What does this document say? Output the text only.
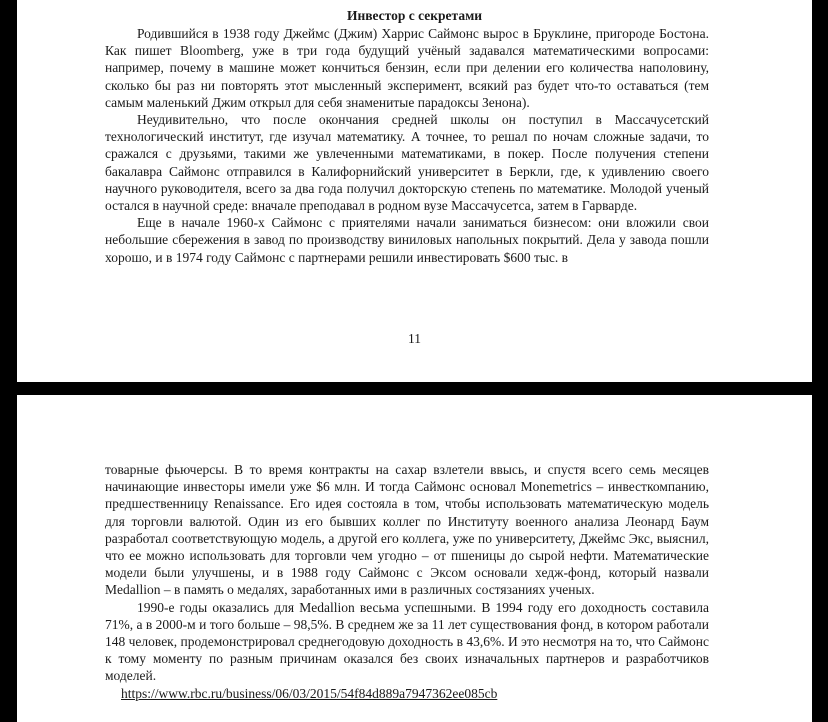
Инвестор с секретами

Родившийся в 1938 году Джеймс (Джим) Харрис Саймонс вырос в Бруклине, пригороде Бостона. Как пишет Bloomberg, уже в три года будущий учёный задавался математическими вопросами: например, почему в машине может кончиться бензин, если при делении его количества наполовину, сколько бы раз ни повторять этот мысленный эксперимент, всякий раз будет что-то оставаться (тем самым маленький Джим открыл для себя знаменитые парадоксы Зенона).

Неудивительно, что после окончания средней школы он поступил в Массачусетский технологический институт, где изучал математику. А точнее, то решал по ночам сложные задачи, то сражался с друзьями, такими же увлеченными математиками, в покер. После получения степени бакалавра Саймонс отправился в Калифорнийский университет в Беркли, где, к удивлению своего научного руководителя, всего за два года получил докторскую степень по математике. Молодой ученый остался в научной среде: вначале преподавал в родном вузе Массачусетса, затем в Гарварде.

Еще в начале 1960-х Саймонс с приятелями начали заниматься бизнесом: они вложили свои небольшие сбережения в завод по производству виниловых напольных покрытий. Дела у завода пошли хорошо, и в 1974 году Саймонс с партнерами решили инвестировать $600 тыс. в

11

товарные фьючерсы. В то время контракты на сахар взлетели ввысь, и спустя всего семь месяцев начинающие инвесторы имели уже $6 млн. И тогда Саймонс основал Monemetrics – инвесткомпанию, предшественницу Renaissance. Его идея состояла в том, чтобы использовать математическую модель для торговли валютой. Один из его бывших коллег по Институту военного анализа Леонард Баум разработал соответствующую модель, а другой его коллега, уже по университету, Джеймс Экс, выяснил, что ее можно использовать для торговли чем угодно – от пшеницы до сырой нефти. Математические модели были улучшены, и в 1988 году Саймонс с Эксом основали хедж-фонд, который назвали Medallion – в память о медалях, заработанных ими в различных состязаниях ученых.

1990-е годы оказались для Medallion весьма успешными. В 1994 году его доходность составила 71%, а в 2000-м и того больше – 98,5%. В среднем же за 11 лет существования фонд, в котором работали 148 человек, продемонстрировал среднегодовую доходность в 43,6%. И это несмотря на то, что Саймонс к тому моменту по разным причинам оказался без своих изначальных партнеров и разработчиков моделей.

https://www.rbc.ru/business/06/03/2015/54f84d889a7947362ee085cb
